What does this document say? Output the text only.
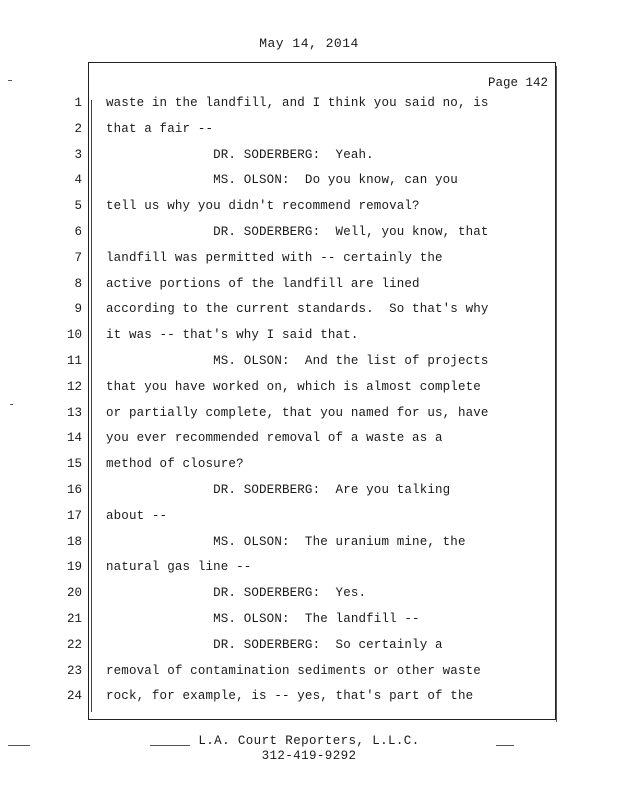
May 14, 2014
Page 142
1 waste in the landfill, and I think you said no, is
2 that a fair --
3 DR. SODERBERG:  Yeah.
4 MS. OLSON:  Do you know, can you
5 tell us why you didn't recommend removal?
6 DR. SODERBERG:  Well, you know, that
7 landfill was permitted with -- certainly the
8 active portions of the landfill are lined
9 according to the current standards.  So that's why
10 it was -- that's why I said that.
11 MS. OLSON:  And the list of projects
12 that you have worked on, which is almost complete
13 or partially complete, that you named for us, have
14 you ever recommended removal of a waste as a
15 method of closure?
16 DR. SODERBERG:  Are you talking
17 about --
18 MS. OLSON:  The uranium mine, the
19 natural gas line --
20 DR. SODERBERG:  Yes.
21 MS. OLSON:  The landfill --
22 DR. SODERBERG:  So certainly a
23 removal of contamination sediments or other waste
24 rock, for example, is -- yes, that's part of the
L.A. Court Reporters, L.L.C.
312-419-9292
